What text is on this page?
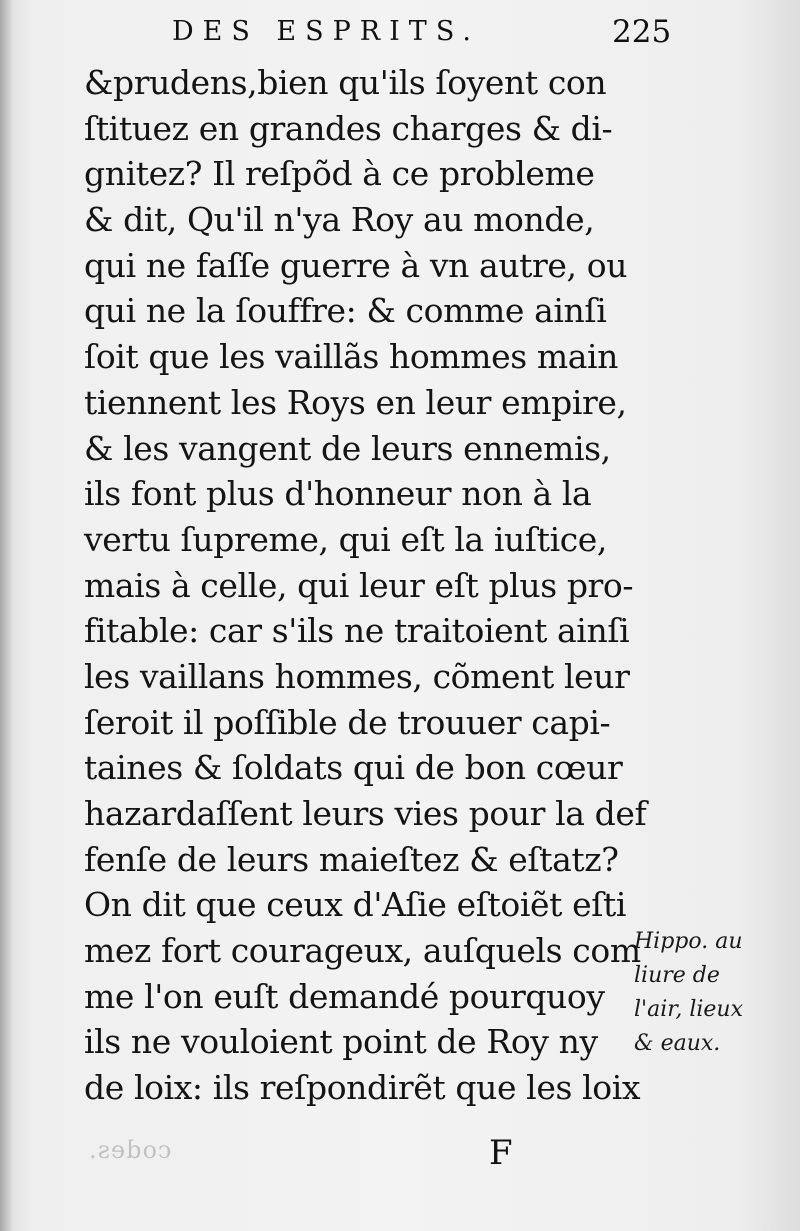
DES ESPRITS.	225
&prudens,bien qu'ils ſoyent con
ſtituez en grandes charges & di-
gnitez? Il reſpõd à ce probleme
& dit, Qu'il n'ya Roy au monde,
qui ne faſſe guerre à vn autre, ou
qui ne la ſouffre: & comme ainſi
ſoit que les vaillãs hommes main
tiennent les Roys en leur empire,
& les vangent de leurs ennemis,
ils font plus d'honneur non à la
vertu ſupreme, qui eſt la iuſtice,
mais à celle, qui leur eſt plus pro-
fitable: car s'ils ne traitoient ainſi
les vaillans hommes, cõment leur
ſeroit il poſſible de trouuer capi-
taines & ſoldats qui de bon cœur
hazardaſſent leurs vies pour la def
fenſe de leurs maieſtez & eſtatz?
On dit que ceux d'Aſie eſtoiẽt eſti
mez fort courageux, auſquels com
me l'on euſt demandé pourquoy
ils ne vouloient point de Roy ny
de loix: ils reſpondirẽt que les loix
Hippo. au
liure de
l'air, lieux
& eaux.
codes.	F
